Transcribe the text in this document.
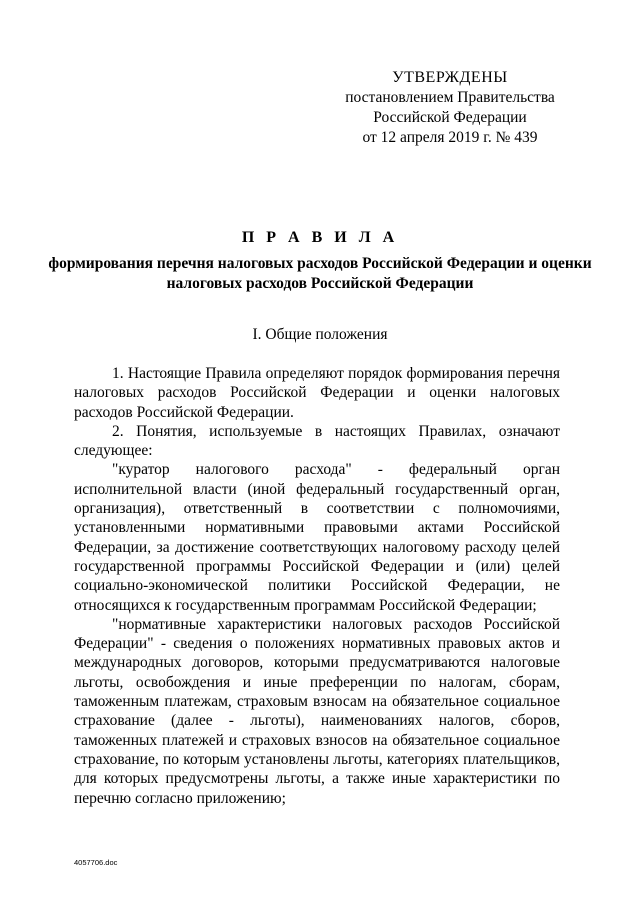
УТВЕРЖДЕНЫ
постановлением Правительства
Российской Федерации
от 12 апреля 2019 г. № 439
П Р А В И Л А
формирования перечня налоговых расходов Российской Федерации и оценки налоговых расходов Российской Федерации
I. Общие положения

1. Настоящие Правила определяют порядок формирования перечня налоговых расходов Российской Федерации и оценки налоговых расходов Российской Федерации.

2. Понятия, используемые в настоящих Правилах, означают следующее:

"куратор налогового расхода" - федеральный орган исполнительной власти (иной федеральный государственный орган, организация), ответственный в соответствии с полномочиями, установленными нормативными правовыми актами Российской Федерации, за достижение соответствующих налоговому расходу целей государственной программы Российской Федерации и (или) целей социально-экономической политики Российской Федерации, не относящихся к государственным программам Российской Федерации;

"нормативные характеристики налоговых расходов Российской Федерации" - сведения о положениях нормативных правовых актов и международных договоров, которыми предусматриваются налоговые льготы, освобождения и иные преференции по налогам, сборам, таможенным платежам, страховым взносам на обязательное социальное страхование (далее - льготы), наименованиях налогов, сборов, таможенных платежей и страховых взносов на обязательное социальное страхование, по которым установлены льготы, категориях плательщиков, для которых предусмотрены льготы, а также иные характеристики по перечню согласно приложению;

4057706.doc
